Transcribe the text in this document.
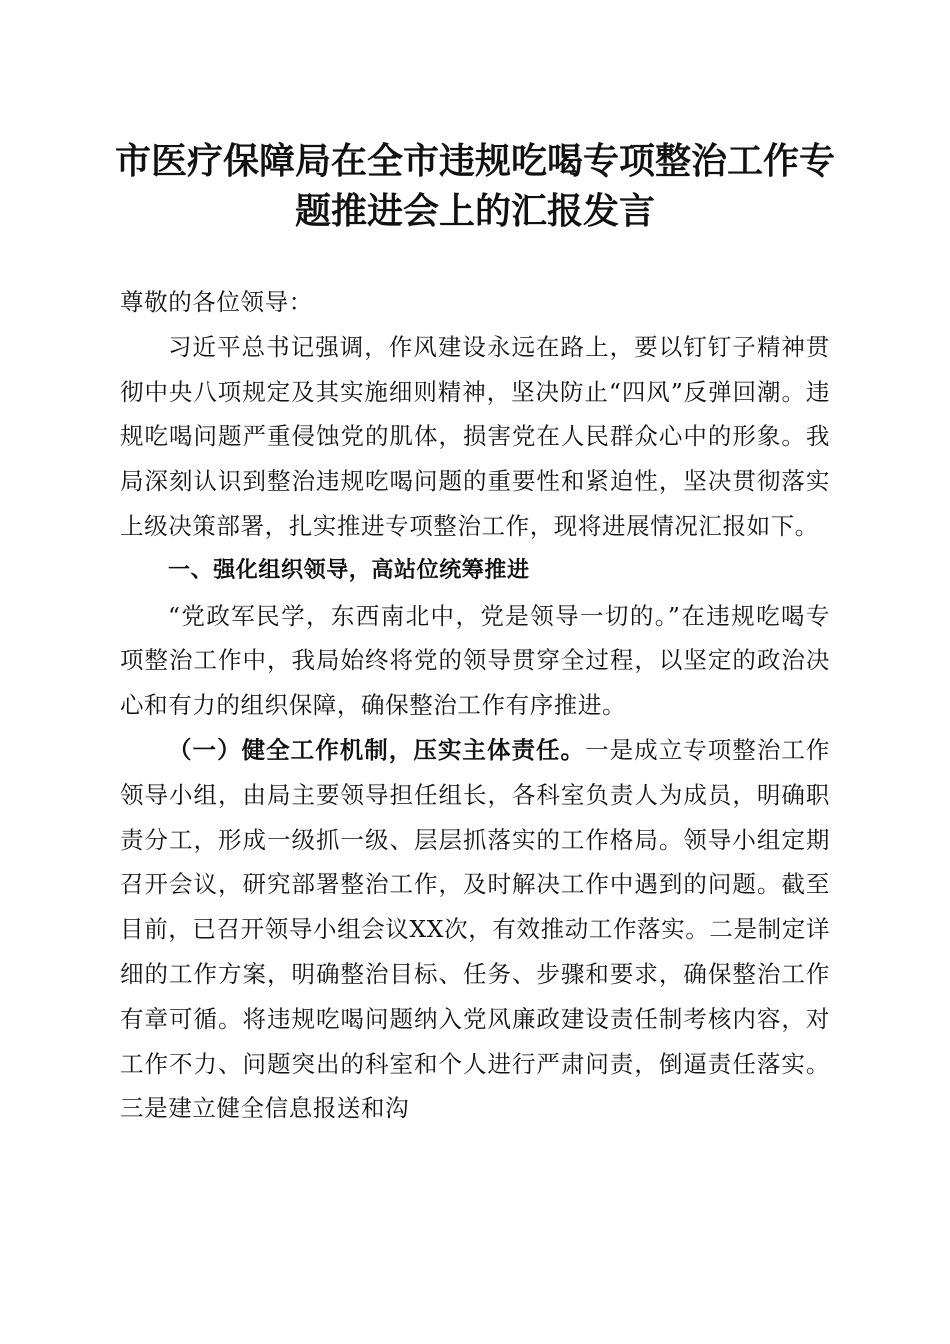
市医疗保障局在全市违规吃喝专项整治工作专
题推进会上的汇报发言

尊敬的各位领导：

习近平总书记强调，作风建设永远在路上，要以钉钉子精神贯彻中央八项规定及其实施细则精神，坚决防止“四风”反弹回潮。违规吃喝问题严重侵蚀党的肌体，损害党在人民群众心中的形象。我局深刻认识到整治违规吃喝问题的重要性和紧迫性，坚决贯彻落实上级决策部署，扎实推进专项整治工作，现将进展情况汇报如下。

一、强化组织领导，高站位统筹推进

“党政军民学，东西南北中，党是领导一切的。”在违规吃喝专项整治工作中，我局始终将党的领导贯穿全过程，以坚定的政治决心和有力的组织保障，确保整治工作有序推进。

（一）健全工作机制，压实主体责任。一是成立专项整治工作领导小组，由局主要领导担任组长，各科室负责人为成员，明确职责分工，形成一级抓一级、层层抓落实的工作格局。领导小组定期召开会议，研究部署整治工作，及时解决工作中遇到的问题。截至目前，已召开领导小组会议XX次，有效推动工作落实。二是制定详细的工作方案，明确整治目标、任务、步骤和要求，确保整治工作有章可循。将违规吃喝问题纳入党风廉政建设责任制考核内容，对工作不力、问题突出的科室和个人进行严肃问责，倒逼责任落实。三是建立健全信息报送和沟
